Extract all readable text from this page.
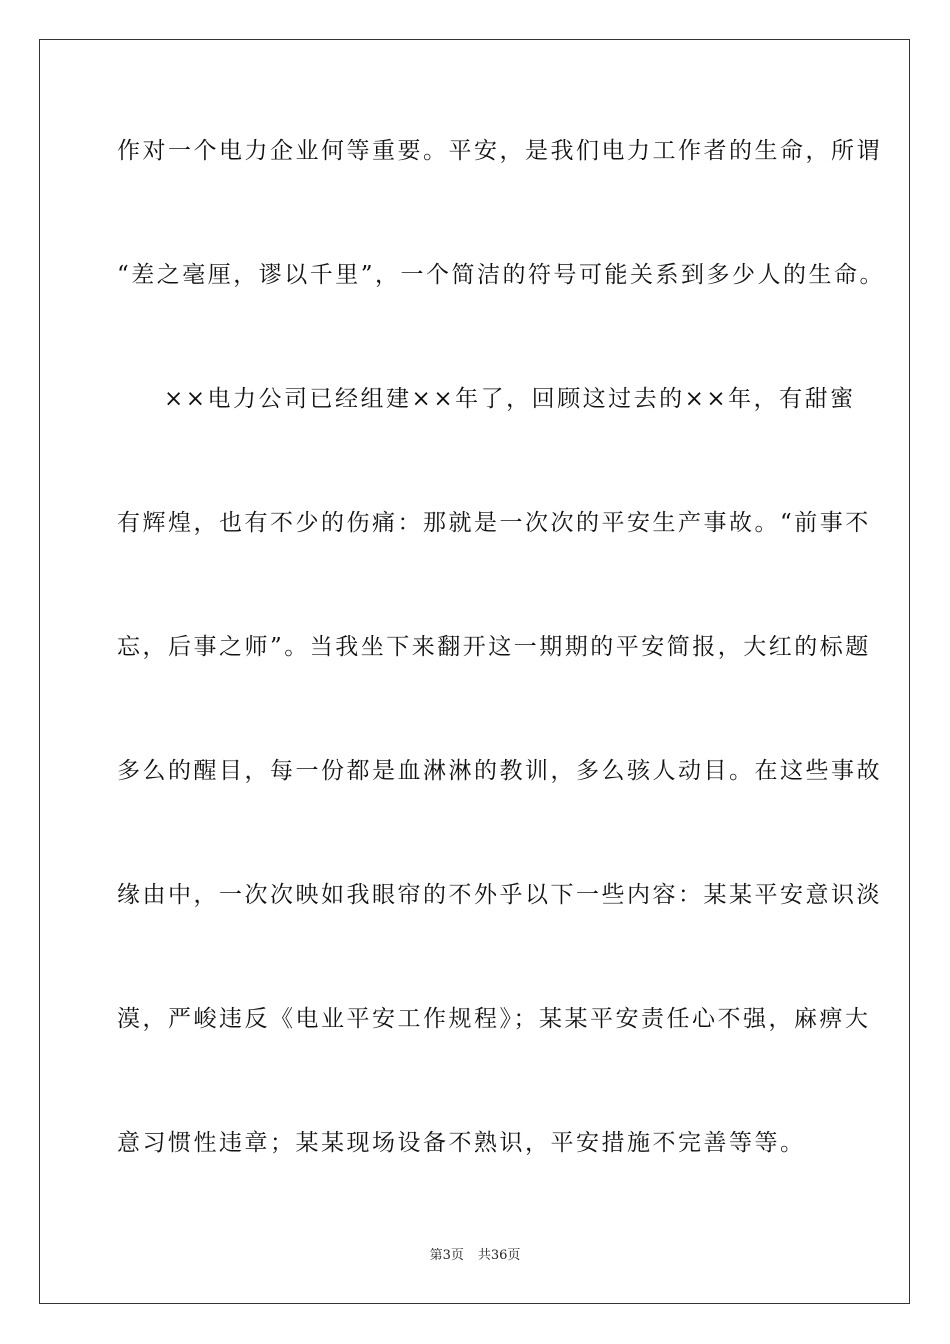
作对一个电力企业何等重要。平安，是我们电力工作者的生命，所谓
“差之毫厘，谬以千里”，一个简洁的符号可能关系到多少人的生命。
××电力公司已经组建××年了，回顾这过去的××年，有甜蜜
有辉煌，也有不少的伤痛：那就是一次次的平安生产事故。“前事不
忘，后事之师”。当我坐下来翻开这一期期的平安简报，大红的标题
多么的醒目，每一份都是血淋淋的教训，多么骇人动目。在这些事故
缘由中，一次次映如我眼帘的不外乎以下一些内容：某某平安意识淡
漠，严峻违反《电业平安工作规程》；某某平安责任心不强，麻痹大
意习惯性违章；某某现场设备不熟识，平安措施不完善等等。
第3页 共36页
